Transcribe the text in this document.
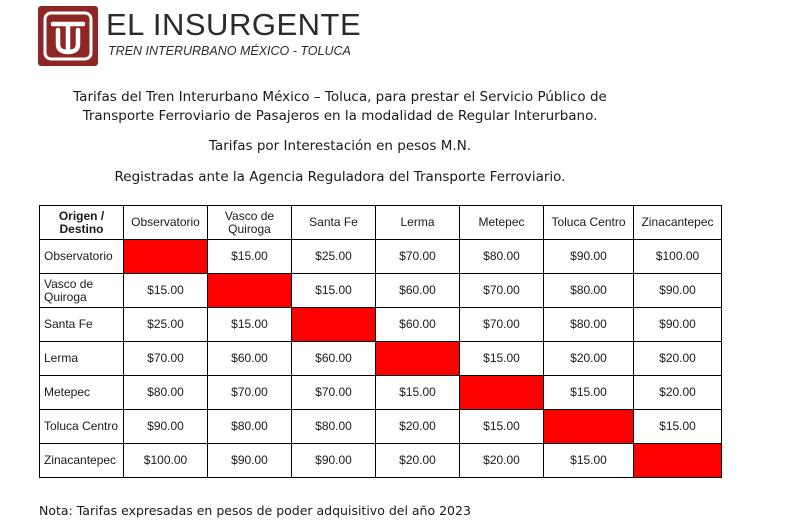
EL INSURGENTE
TREN INTERURBANO MÉXICO - TOLUCA
Tarifas del Tren Interurbano México – Toluca, para prestar el Servicio Público de
Transporte Ferroviario de Pasajeros en la modalidad de Regular Interurbano.
Tarifas por Interestación en pesos M.N.
Registradas ante la Agencia Reguladora del Transporte Ferroviario.
Origen / Destino	Observatorio	Vasco de Quiroga	Santa Fe	Lerma	Metepec	Toluca Centro	Zinacantepec
Observatorio		$15.00	$25.00	$70.00	$80.00	$90.00	$100.00
Vasco de Quiroga	$15.00		$15.00	$60.00	$70.00	$80.00	$90.00
Santa Fe	$25.00	$15.00		$60.00	$70.00	$80.00	$90.00
Lerma	$70.00	$60.00	$60.00		$15.00	$20.00	$20.00
Metepec	$80.00	$70.00	$70.00	$15.00		$15.00	$20.00
Toluca Centro	$90.00	$80.00	$80.00	$20.00	$15.00		$15.00
Zinacantepec	$100.00	$90.00	$90.00	$20.00	$20.00	$15.00	
Nota: Tarifas expresadas en pesos de poder adquisitivo del año 2023
